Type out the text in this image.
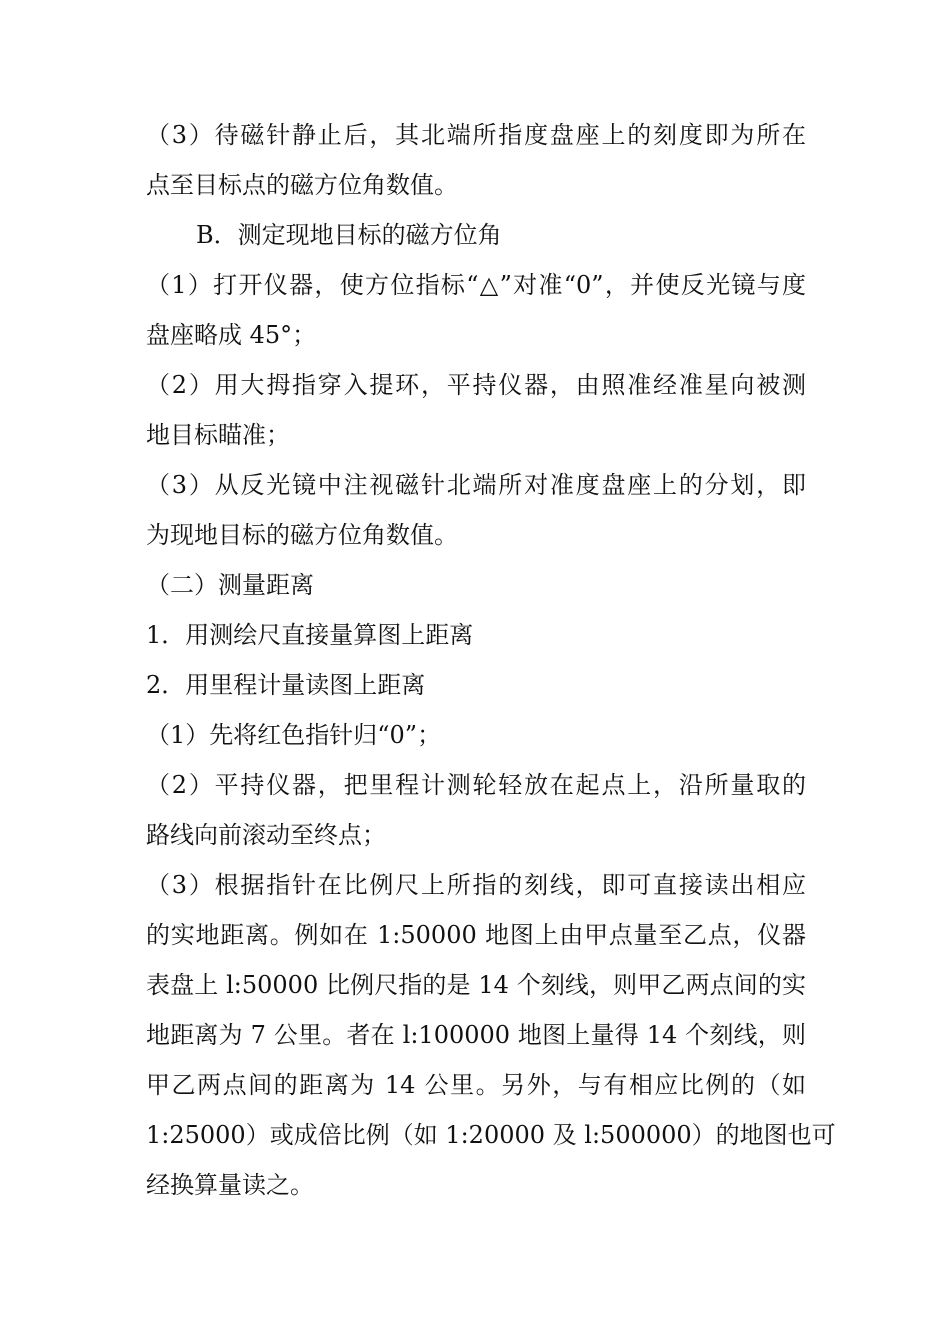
（3）待磁针静止后，其北端所指度盘座上的刻度即为所在
点至目标点的磁方位角数值。
B．测定现地目标的磁方位角
（1）打开仪器，使方位指标“△”对准“0”，并使反光镜与度
盘座略成 45°；
（2）用大拇指穿入提环，平持仪器，由照准经准星向被测
地目标瞄准；
（3）从反光镜中注视磁针北端所对准度盘座上的分划，即
为现地目标的磁方位角数值。
（二）测量距离
1．用测绘尺直接量算图上距离
2．用里程计量读图上距离
（1）先将红色指针归“0”；
（2）平持仪器，把里程计测轮轻放在起点上，沿所量取的
路线向前滚动至终点；
（3）根据指针在比例尺上所指的刻线，即可直接读出相应
的实地距离。例如在 1:50000 地图上由甲点量至乙点，仪器
表盘上 l:50000 比例尺指的是 14 个刻线，则甲乙两点间的实
地距离为 7 公里。者在 l:100000 地图上量得 14 个刻线，则
甲乙两点间的距离为 14 公里。另外，与有相应比例的（如
1:25000）或成倍比例（如 1:20000 及 l:500000）的地图也可
经换算量读之。
